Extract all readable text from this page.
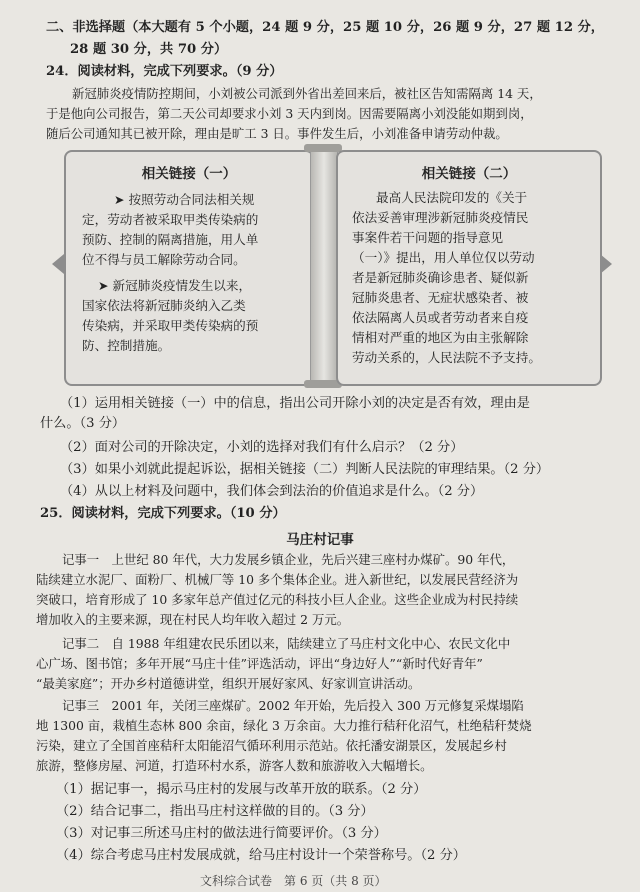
二、非选择题（本大题有 5 个小题，24 题 9 分，25 题 10 分，26 题 9 分，27 题 12 分，
28 题 30 分，共 70 分）
24．阅读材料，完成下列要求。（9 分）
新冠肺炎疫情防控期间，小刘被公司派到外省出差回来后，被社区告知需隔离 14 天，
于是他向公司报告，第二天公司却要求小刘 3 天内到岗。因需要隔离小刘没能如期到岗，
随后公司通知其已被开除，理由是旷工 3 日。事件发生后，小刘准备申请劳动仲裁。
相关链接（一）
➤ 按照劳动合同法相关规
定，劳动者被采取甲类传染病的
预防、控制的隔离措施，用人单
位不得与员工解除劳动合同。
➤ 新冠肺炎疫情发生以来，
国家依法将新冠肺炎纳入乙类
传染病，并采取甲类传染病的预
防、控制措施。
相关链接（二）
最高人民法院印发的《关于
依法妥善审理涉新冠肺炎疫情民
事案件若干问题的指导意见
（一）》提出，用人单位仅以劳动
者是新冠肺炎确诊患者、疑似新
冠肺炎患者、无症状感染者、被
依法隔离人员或者劳动者来自疫
情相对严重的地区为由主张解除
劳动关系的，人民法院不予支持。
（1）运用相关链接（一）中的信息，指出公司开除小刘的决定是否有效，理由是
什么。（3 分）
（2）面对公司的开除决定，小刘的选择对我们有什么启示？（2 分）
（3）如果小刘就此提起诉讼，据相关链接（二）判断人民法院的审理结果。（2 分）
（4）从以上材料及问题中，我们体会到法治的价值追求是什么。（2 分）
25．阅读材料，完成下列要求。（10 分）
马庄村记事
记事一　上世纪 80 年代，大力发展乡镇企业，先后兴建三座村办煤矿。90 年代，
陆续建立水泥厂、面粉厂、机械厂等 10 多个集体企业。进入新世纪，以发展民营经济为
突破口，培育形成了 10 多家年总产值过亿元的科技小巨人企业。这些企业成为村民持续
增加收入的主要来源，现在村民人均年收入超过 2 万元。
记事二　自 1988 年组建农民乐团以来，陆续建立了马庄村文化中心、农民文化中
心广场、图书馆；多年开展“马庄十佳”评选活动，评出“身边好人”“新时代好青年”
“最美家庭”；开办乡村道德讲堂，组织开展好家风、好家训宣讲活动。
记事三　2001 年，关闭三座煤矿。2002 年开始，先后投入 300 万元修复采煤塌陷
地 1300 亩，栽植生态林 800 余亩，绿化 3 万余亩。大力推行秸秆化沼气，杜绝秸秆焚烧
污染，建立了全国首座秸秆太阳能沼气循环利用示范站。依托潘安湖景区，发展起乡村
旅游，整修房屋、河道，打造环村水系，游客人数和旅游收入大幅增长。
（1）据记事一，揭示马庄村的发展与改革开放的联系。（2 分）
（2）结合记事二，指出马庄村这样做的目的。（3 分）
（3）对记事三所述马庄村的做法进行简要评价。（3 分）
（4）综合考虑马庄村发展成就，给马庄村设计一个荣誉称号。（2 分）
文科综合试卷　第 6 页（共 8 页）
